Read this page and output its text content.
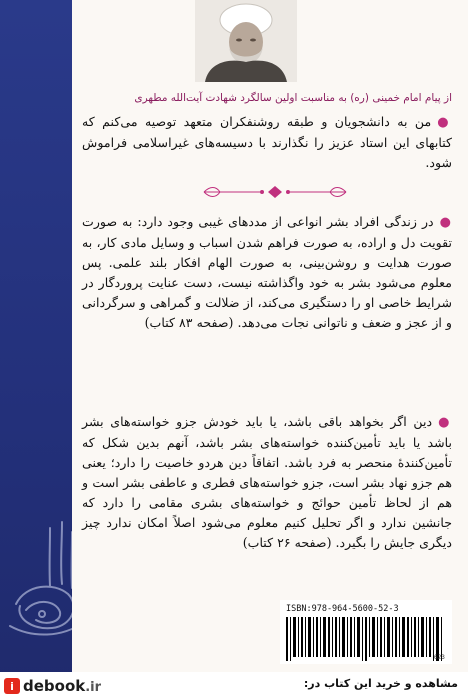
از پیام امام خمینی (ره) به مناسبت اولین سالگرد شهادت آیت‌الله مطهری
●من به دانشجویان و طبقه روشنفکران متعهد توصیه می‌کنم که کتابهای این استاد عزیز را نگذارند با دسیسه‌های غیراسلامی فراموش شود.
●در زندگی افراد بشر انواعی از مددهای غیبی وجود دارد: به صورت تقویت دل و اراده، به صورت فراهم شدن اسباب و وسایل مادی کار، به صورت هدایت و روشن‌بینی، به صورت الهام افکار بلند علمی. پس معلوم می‌شود بشر به خود واگذاشته نیست، دست عنایت پروردگار در شرایط خاصی او را دستگیری می‌کند، از ضلالت و گمراهی و سرگردانی و از عجز و ضعف و ناتوانی نجات می‌دهد. (صفحه ۸۳ کتاب)
●دین اگر بخواهد باقی باشد، یا باید خودش جزو خواسته‌های بشر باشد یا باید تأمین‌کننده خواسته‌های بشر باشد، آنهم بدین شکل که تأمین‌کنندهٔ منحصر به فرد باشد. اتفاقاً دین هردو خاصیت را دارد؛ یعنی هم جزو نهاد بشر است، جزو خواسته‌های فطری و عاطفی بشر است و هم از لحاظ تأمین حوائج و خواسته‌های بشری مقامی را دارد که جانشین ندارد و اگر تحلیل کنیم معلوم می‌شود اصلاً امکان ندارد چیز دیگری جایش را بگیرد. (صفحه ۲۶ کتاب)
ISBN:978-964-5600-52-3
623
i debook.ir	مشاهده و خرید این کتاب در:
